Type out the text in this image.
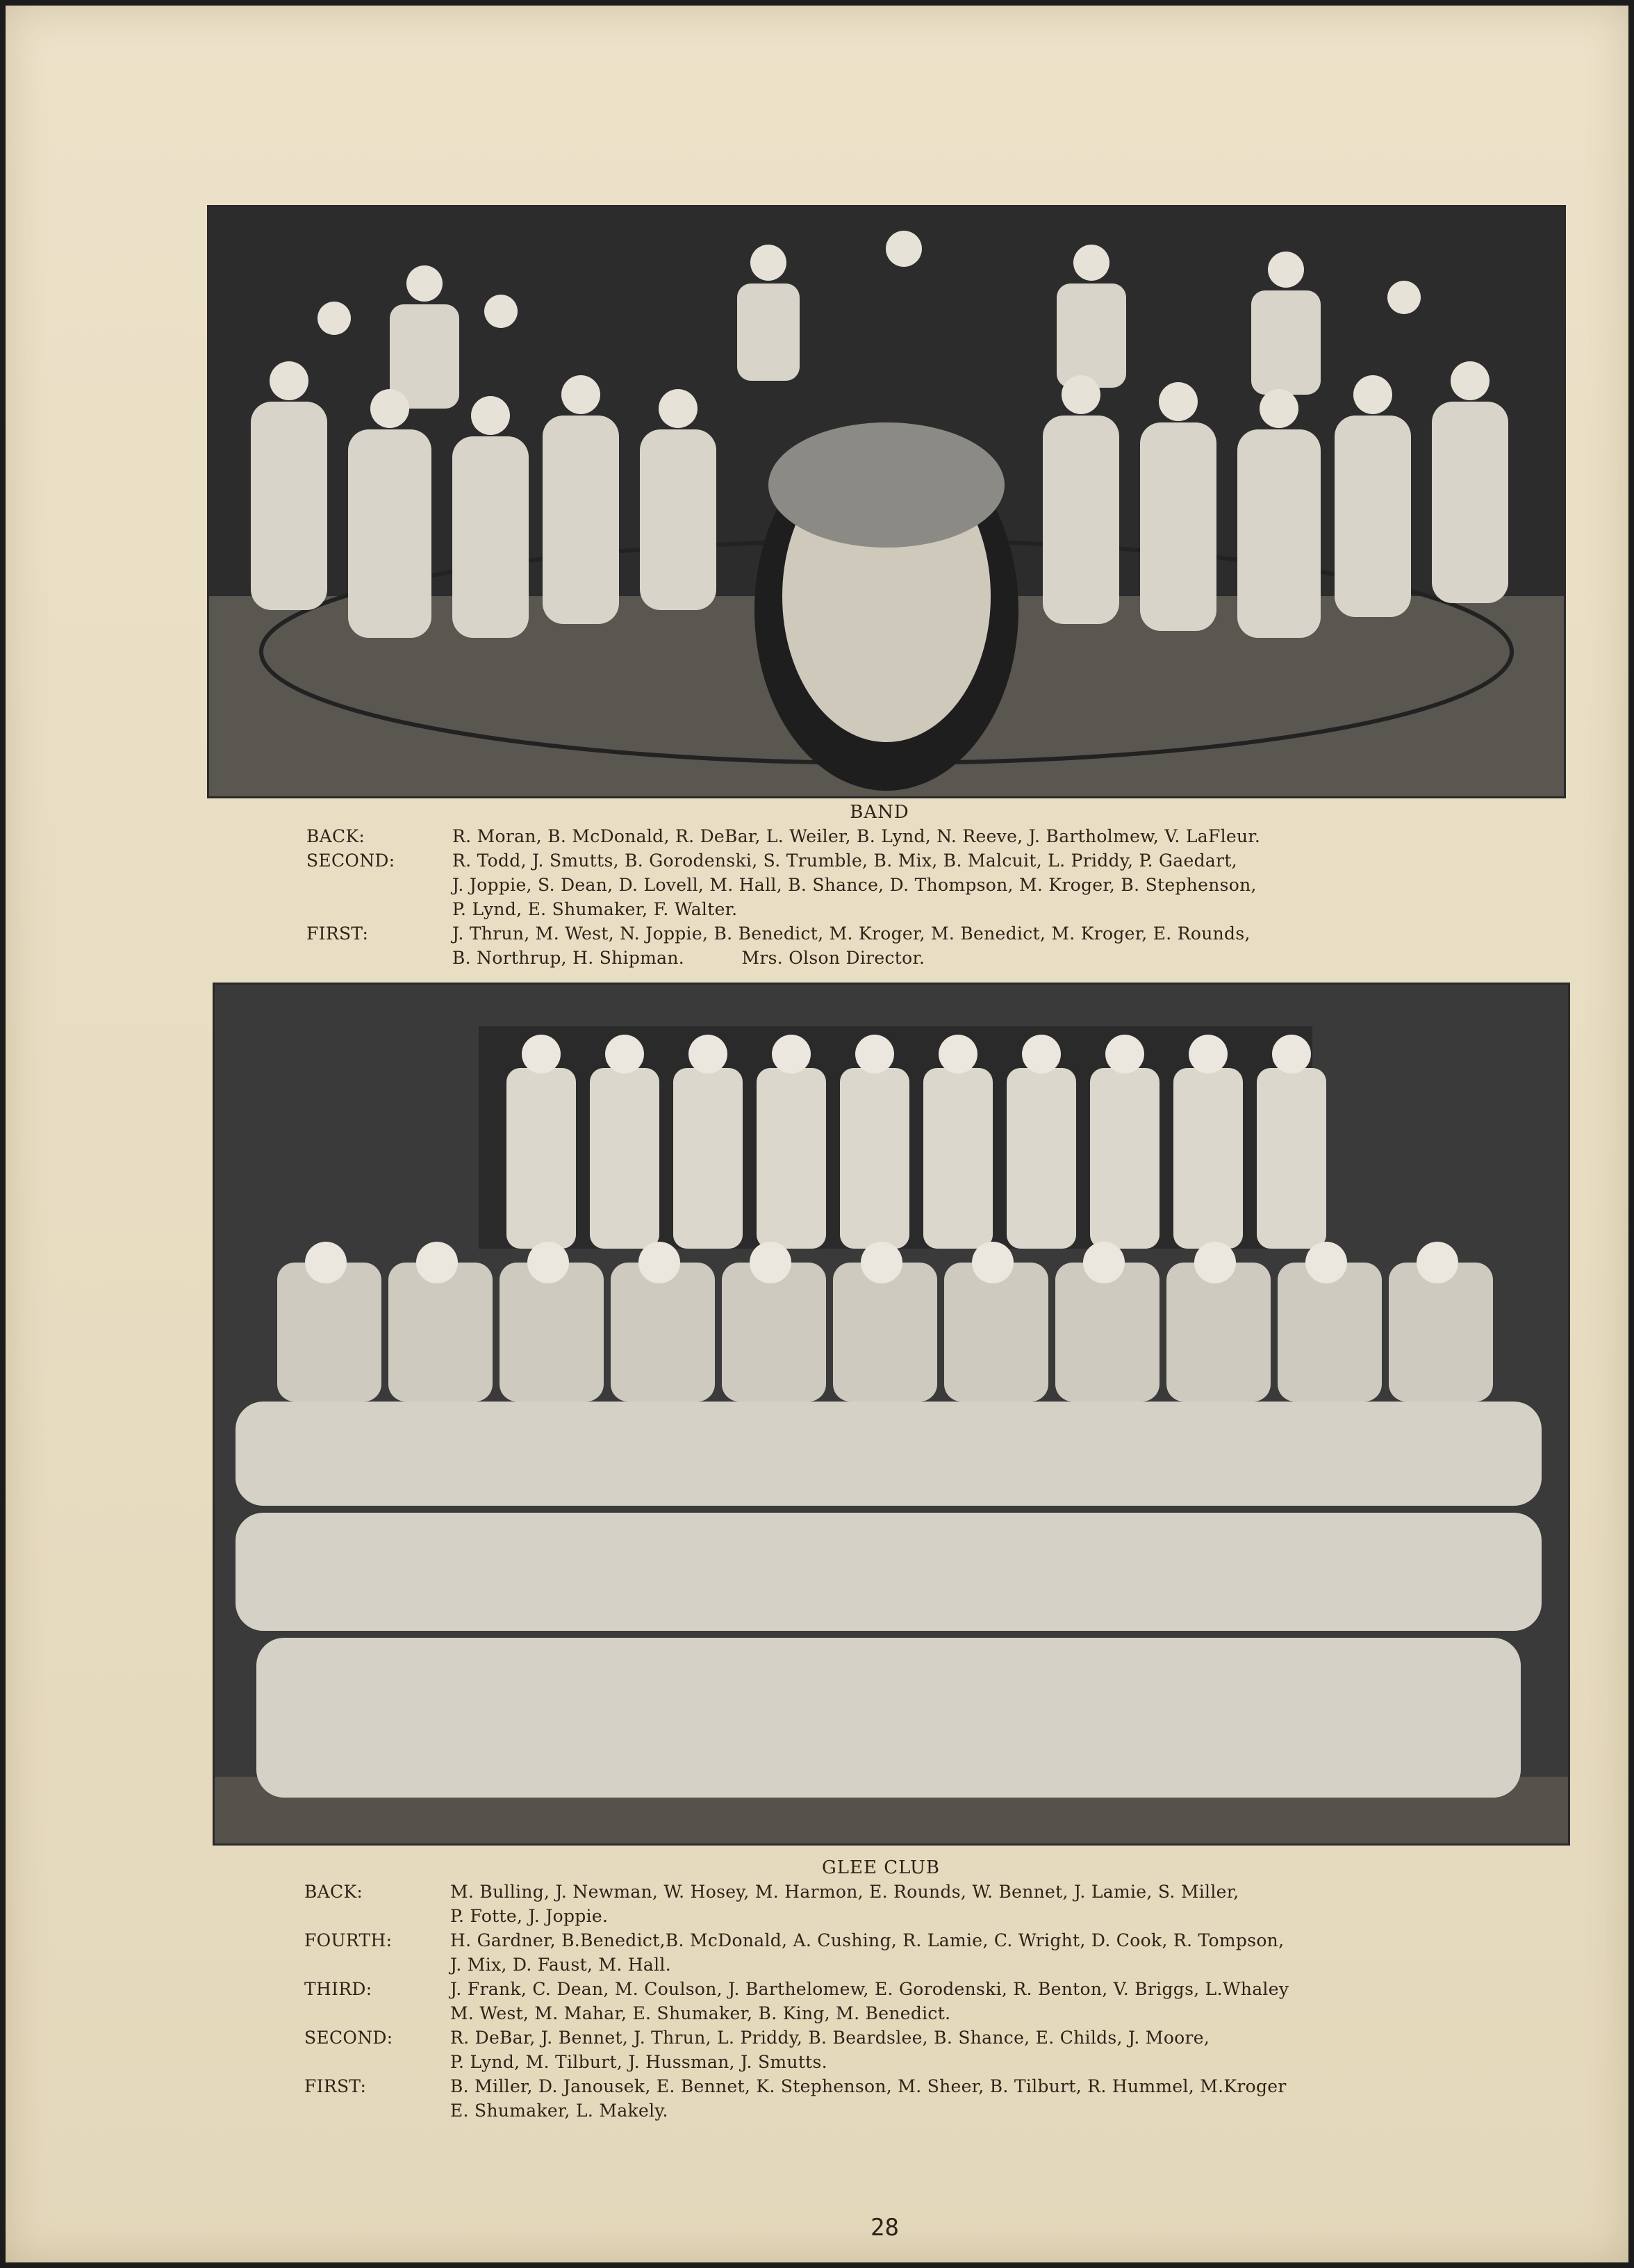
BAND
BACK:	R. Moran, B. McDonald, R. DeBar, L. Weiler, B. Lynd, N. Reeve, J. Bartholmew, V. LaFleur.
SECOND:	R. Todd, J. Smutts, B. Gorodenski, S. Trumble, B. Mix, B. Malcuit, L. Priddy, P. Gaedart,
J. Joppie, S. Dean, D. Lovell, M. Hall, B. Shance, D. Thompson, M. Kroger, B. Stephenson,
P. Lynd, E. Shumaker, F. Walter.
FIRST:	J. Thrun, M. West, N. Joppie, B. Benedict, M. Kroger, M. Benedict, M. Kroger, E. Rounds,
B. Northrup, H. Shipman.          Mrs. Olson Director.
GLEE CLUB
BACK:	M. Bulling, J. Newman, W. Hosey, M. Harmon, E. Rounds, W. Bennet, J. Lamie, S. Miller,
P. Fotte, J. Joppie.
FOURTH:	H. Gardner, B.Benedict,B. McDonald, A. Cushing, R. Lamie, C. Wright, D. Cook, R. Tompson,
J. Mix, D. Faust, M. Hall.
THIRD:	J. Frank, C. Dean, M. Coulson, J. Barthelomew, E. Gorodenski, R. Benton, V. Briggs, L.Whaley
M. West, M. Mahar, E. Shumaker, B. King, M. Benedict.
SECOND:	R. DeBar, J. Bennet, J. Thrun, L. Priddy, B. Beardslee, B. Shance, E. Childs, J. Moore,
P. Lynd, M. Tilburt, J. Hussman, J. Smutts.
FIRST:	B. Miller, D. Janousek, E. Bennet, K. Stephenson, M. Sheer, B. Tilburt, R. Hummel, M.Kroger
E. Shumaker, L. Makely.
28
